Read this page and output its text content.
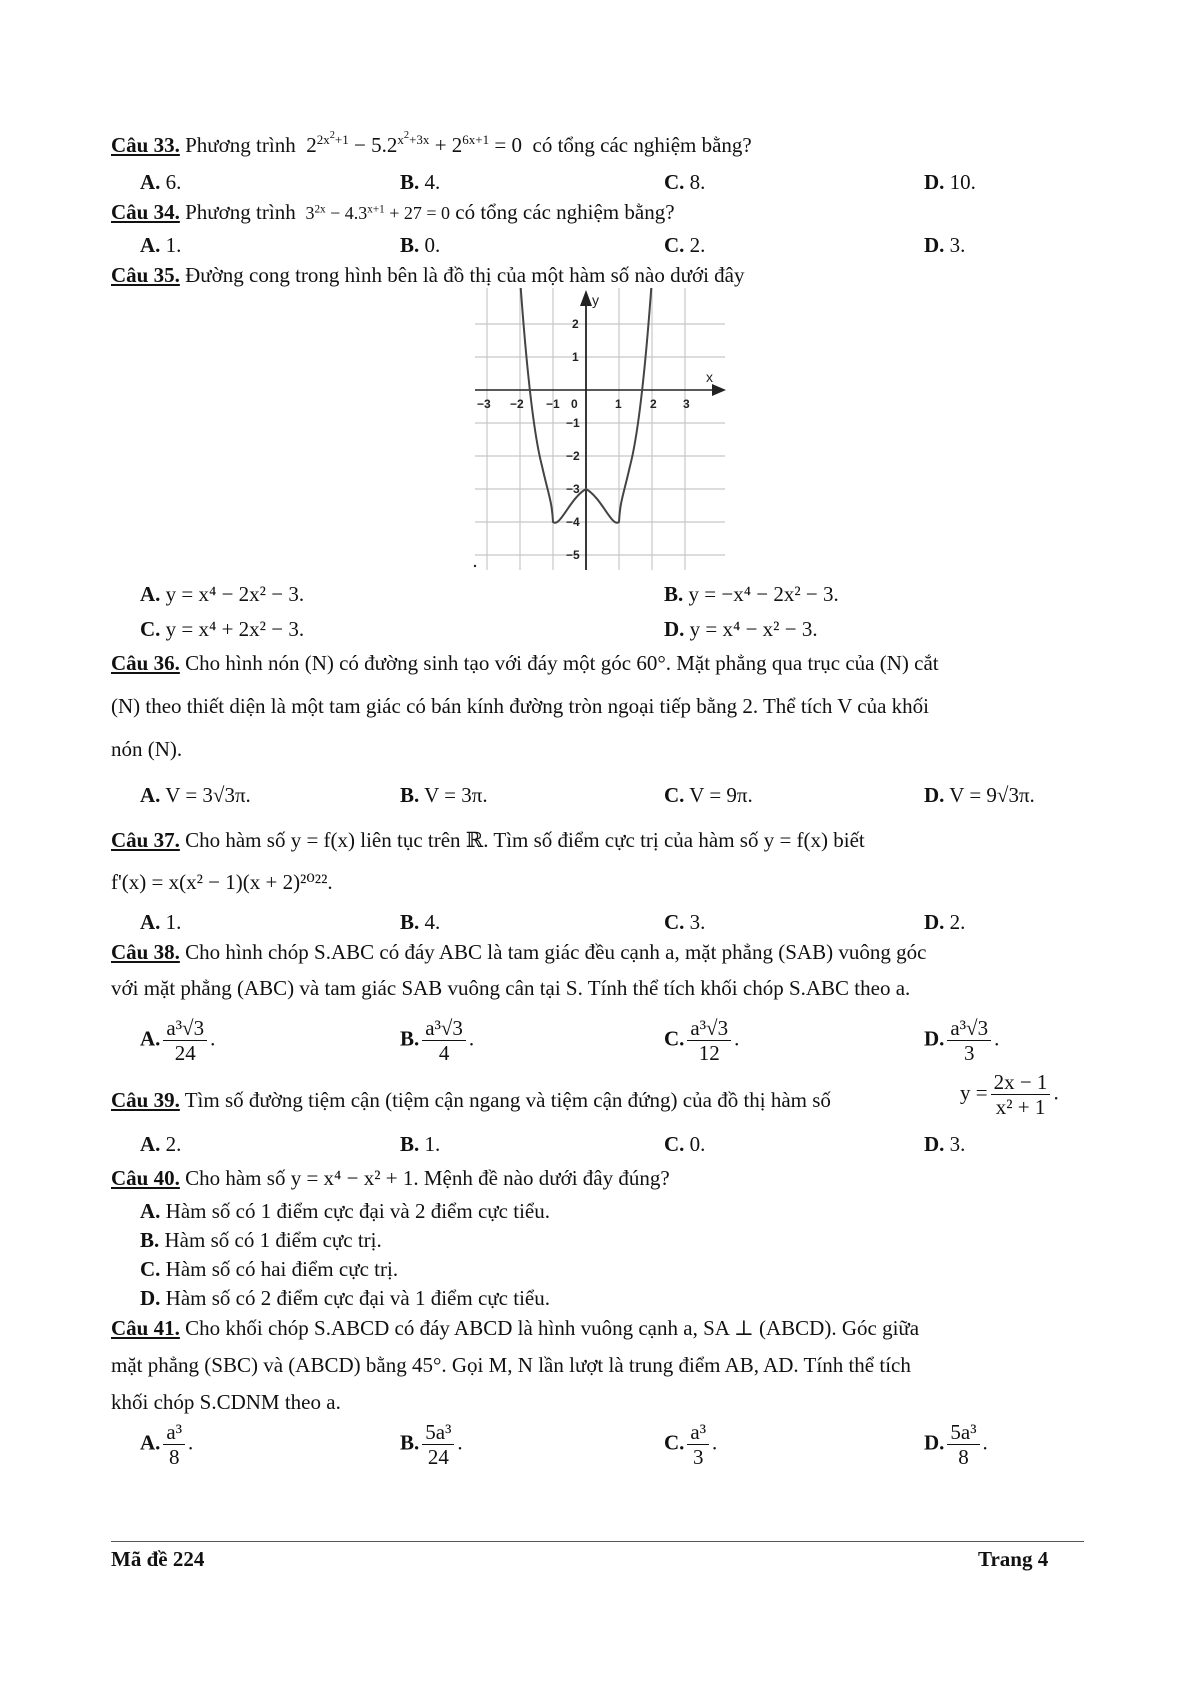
Câu 33. Phương trình  $2^{2x^2+1} - 5.2^{x^2+3x} + 2^{6x+1} = 0$  có tổng các nghiệm bằng?
A. 6.	B. 4.	C. 8.	D. 10.
Câu 34. Phương trình  $3^{2x} - 4.3^{x+1} + 27 = 0$ có tổng các nghiệm bằng?
A. 1.	B. 0.	C. 2.	D. 3.
Câu 35. Đường cong trong hình bên là đồ thị của một hàm số nào dưới đây
x
y
−3 −2 −1 0	1 2 3
2
1
−1
−2
−3
−4
−5
A. y = x⁴ − 2x² − 3.	B. y = −x⁴ − 2x² − 3.
C. y = x⁴ + 2x² − 3.	D. y = x⁴ − x² − 3.
Câu 36. Cho hình nón (N) có đường sinh tạo với đáy một góc 60°. Mặt phẳng qua trục của (N) cắt
(N) theo thiết diện là một tam giác có bán kính đường tròn ngoại tiếp bằng 2. Thể tích V của khối
nón (N).
A. V = 3√3π.	B. V = 3π.	C. V = 9π.	D. V = 9√3π.
Câu 37. Cho hàm số y = f(x) liên tục trên ℝ. Tìm số điểm cực trị của hàm số y = f(x) biết
f'(x) = x(x² − 1)(x + 2)²⁰²².
A. 1.	B. 4.	C. 3.	D. 2.
Câu 38. Cho hình chóp S.ABC có đáy ABC là tam giác đều cạnh a, mặt phẳng (SAB) vuông góc
với mặt phẳng (ABC) và tam giác SAB vuông cân tại S. Tính thể tích khối chóp S.ABC theo a.
A. $\frac{\text{a³√3}}{24}$ .	B. $\frac{\text{a³√3}}{4}$ .	C. $\frac{\text{a³√3}}{12}$ .	D. $\frac{\text{a³√3}}{3}$ .
Câu 39. Tìm số đường tiệm cận (tiệm cận ngang và tiệm cận đứng) của đồ thị hàm số	$y = \frac{2x - 1}{\text{x² + 1}}$ .
A. 2.	B. 1.	C. 0.	D. 3.
Câu 40. Cho hàm số y = x⁴ − x² + 1. Mệnh đề nào dưới đây đúng?
A. Hàm số có 1 điểm cực đại và 2 điểm cực tiểu.
B. Hàm số có 1 điểm cực trị.
C. Hàm số có hai điểm cực trị.
D. Hàm số có 2 điểm cực đại và 1 điểm cực tiểu.
Câu 41. Cho khối chóp S.ABCD có đáy ABCD là hình vuông cạnh a, SA ⊥ (ABCD). Góc giữa
mặt phẳng (SBC) và (ABCD) bằng 45°. Gọi M, N lần lượt là trung điểm AB, AD. Tính thể tích
khối chóp S.CDNM theo a.
A. $\frac{\text{a³}}{8}$ .	B. $\frac{\text{5a³}}{24}$ .	C. $\frac{\text{a³}}{3}$ .	D. $\frac{\text{5a³}}{8}$ .
Mã đề 224	Trang 4
